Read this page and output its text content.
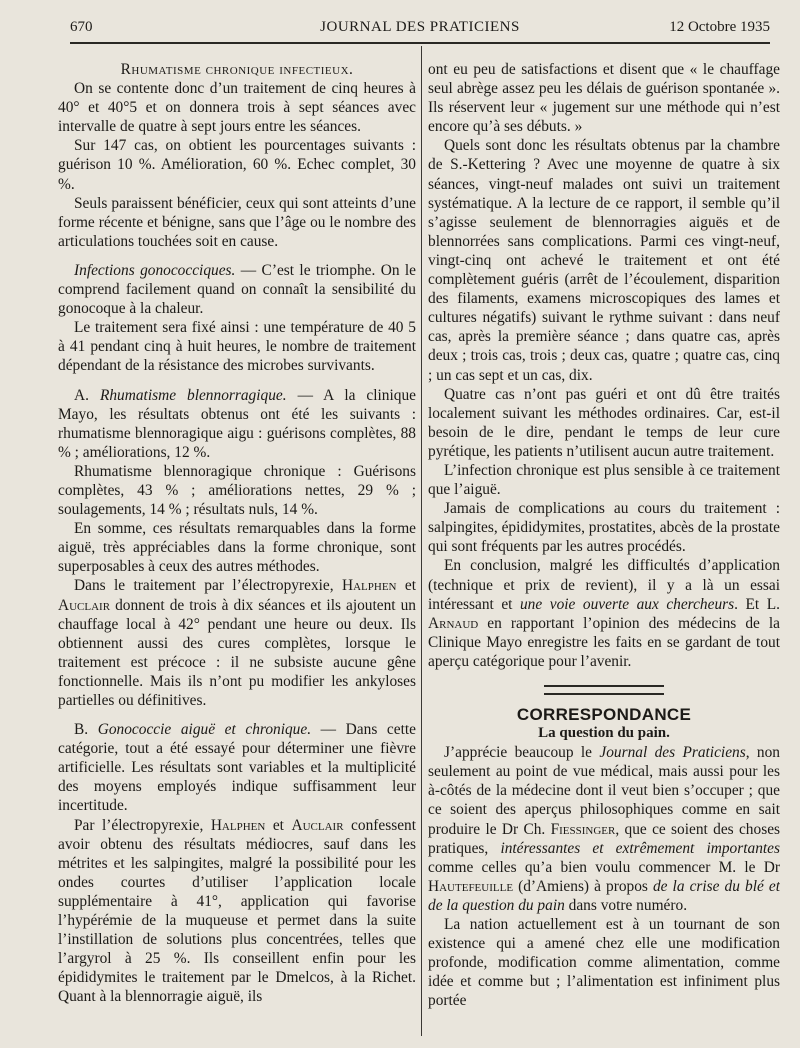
670	JOURNAL DES PRATICIENS	12 Octobre 1935

Rhumatisme chronique infectieux.

On se contente donc d’un traitement de cinq heures à 40° et 40°5 et on donnera trois à sept séances avec intervalle de quatre à sept jours entre les séances.

Sur 147 cas, on obtient les pourcentages suivants : guérison 10 %. Amélioration, 60 %. Echec complet, 30 %.

Seuls paraissent bénéficier, ceux qui sont atteints d’une forme récente et bénigne, sans que l’âge ou le nombre des articulations touchées soit en cause.

Infections gonococciques. — C’est le triomphe. On le comprend facilement quand on connaît la sensibilité du gonocoque à la chaleur.

Le traitement sera fixé ainsi : une température de 40 5 à 41 pendant cinq à huit heures, le nombre de traitement dépendant de la résistance des microbes survivants.

A. Rhumatisme blennorragique. — A la clinique Mayo, les résultats obtenus ont été les suivants : rhumatisme blennoragique aigu : guérisons complètes, 88 % ; améliorations, 12 %.

Rhumatisme blennoragique chronique : Guérisons complètes, 43 % ; améliorations nettes, 29 % ; soulagements, 14 % ; résultats nuls, 14 %.

En somme, ces résultats remarquables dans la forme aiguë, très appréciables dans la forme chronique, sont superposables à ceux des autres méthodes.

Dans le traitement par l’électropyrexie, Halphen et Auclair donnent de trois à dix séances et ils ajoutent un chauffage local à 42° pendant une heure ou deux. Ils obtiennent aussi des cures complètes, lorsque le traitement est précoce : il ne subsiste aucune gêne fonctionnelle. Mais ils n’ont pu modifier les ankyloses partielles ou définitives.

B. Gonococcie aiguë et chronique. — Dans cette catégorie, tout a été essayé pour déterminer une fièvre artificielle. Les résultats sont variables et la multiplicité des moyens employés indique suffisamment leur incertitude.

Par l’électropyrexie, Halphen et Auclair confessent avoir obtenu des résultats médiocres, sauf dans les métrites et les salpingites, malgré la possibilité pour les ondes courtes d’utiliser l’application locale supplémentaire à 41°, application qui favorise l’hypérémie de la muqueuse et permet dans la suite l’instillation de solutions plus concentrées, telles que l’argyrol à 25 %. Ils conseillent enfin pour les épididymites le traitement par le Dmelcos, à la Richet. Quant à la blennorragie aiguë, ils

ont eu peu de satisfactions et disent que « le chauffage seul abrège assez peu les délais de guérison spontanée ». Ils réservent leur « jugement sur une méthode qui n’est encore qu’à ses débuts. »

Quels sont donc les résultats obtenus par la chambre de S.-Kettering ? Avec une moyenne de quatre à six séances, vingt-neuf malades ont suivi un traitement systématique. A la lecture de ce rapport, il semble qu’il s’agisse seulement de blennorragies aiguës et de blennorrées sans complications. Parmi ces vingt-neuf, vingt-cinq ont achevé le traitement et ont été complètement guéris (arrêt de l’écoulement, disparition des filaments, examens microscopiques des lames et cultures négatifs) suivant le rythme suivant : dans neuf cas, après la première séance ; dans quatre cas, après deux ; trois cas, trois ; deux cas, quatre ; quatre cas, cinq ; un cas sept et un cas, dix.

Quatre cas n’ont pas guéri et ont dû être traités localement suivant les méthodes ordinaires. Car, est-il besoin de le dire, pendant le temps de leur cure pyrétique, les patients n’utilisent aucun autre traitement.

L’infection chronique est plus sensible à ce traitement que l’aiguë.

Jamais de complications au cours du traitement : salpingites, épididymites, prostatites, abcès de la prostate qui sont fréquents par les autres procédés.

En conclusion, malgré les difficultés d’application (technique et prix de revient), il y a là un essai intéressant et une voie ouverte aux chercheurs. Et L. Arnaud en rapportant l’opinion des médecins de la Clinique Mayo enregistre les faits en se gardant de tout aperçu catégorique pour l’avenir.

CORRESPONDANCE

La question du pain.

J’apprécie beaucoup le Journal des Praticiens, non seulement au point de vue médical, mais aussi pour les à-côtés de la médecine dont il veut bien s’occuper ; que ce soient des aperçus philosophiques comme en sait produire le Dr Ch. Fiessinger, que ce soient des choses pratiques, intéressantes et extrêmement importantes comme celles qu’a bien voulu commencer M. le Dr Hautefeuille (d’Amiens) à propos de la crise du blé et de la question du pain dans votre numéro.

La nation actuellement est à un tournant de son existence qui a amené chez elle une modification profonde, modification comme alimentation, comme idée et comme but ; l’alimentation est infiniment plus portée
